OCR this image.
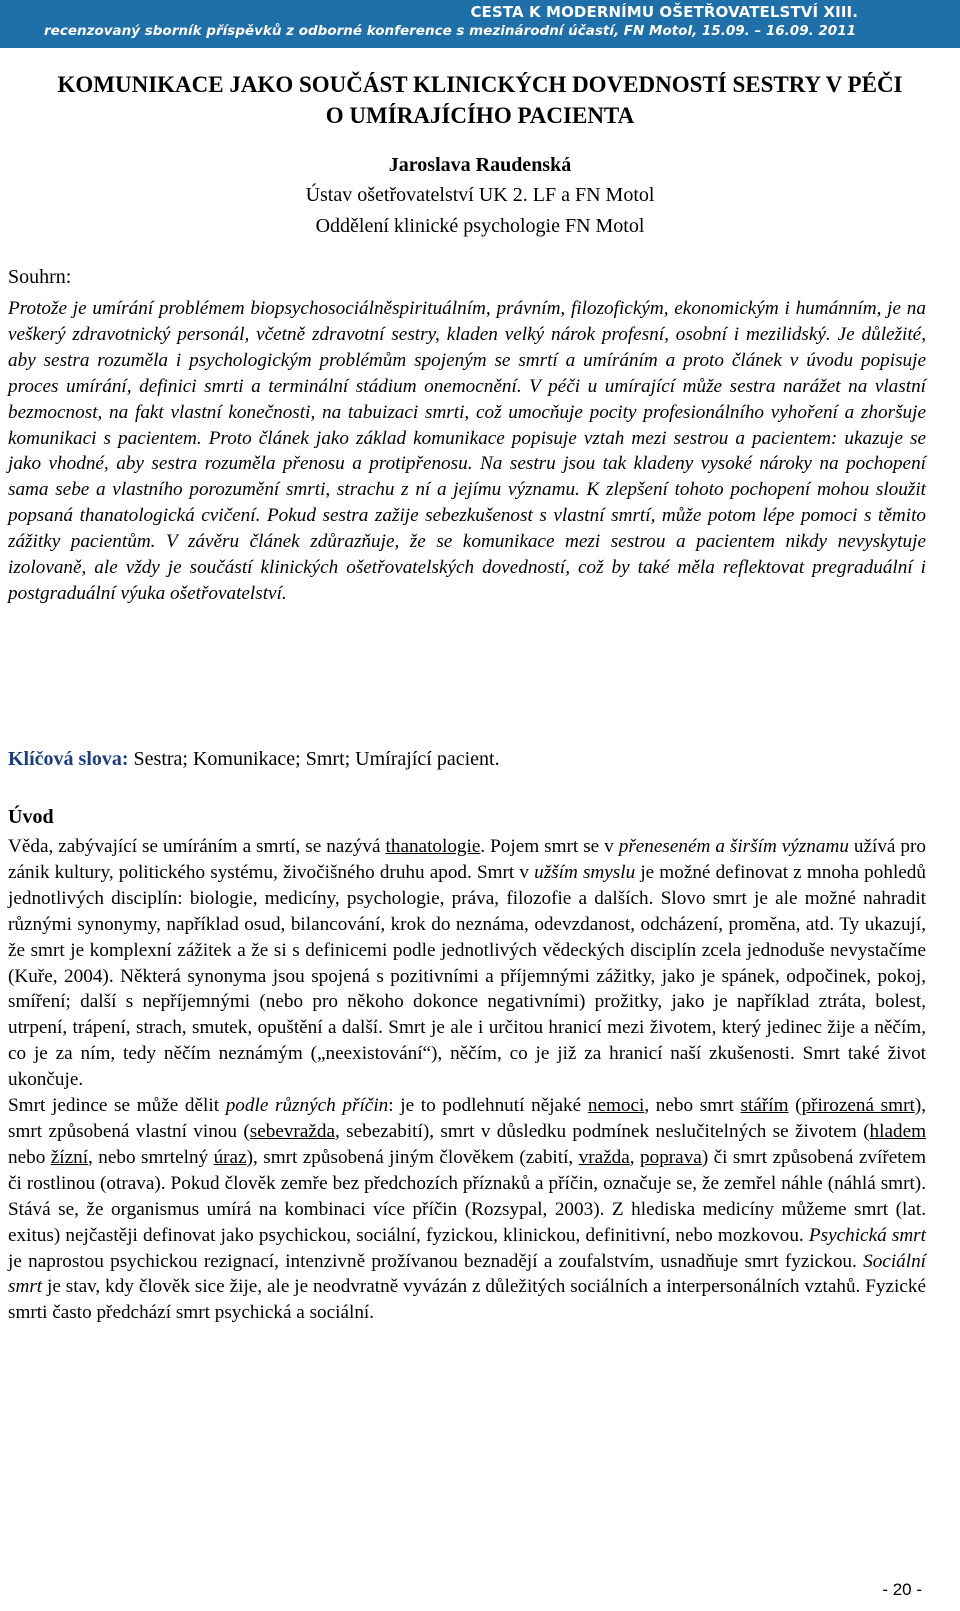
CESTA K MODERNÍMU OŠETŘOVATELSTVÍ XIII.
recenzovaný sborník příspěvků z odborné konference s mezinárodní účastí, FN Motol, 15.09. – 16.09. 2011
KOMUNIKACE JAKO SOUČÁST KLINICKÝCH DOVEDNOSTÍ SESTRY V PÉČI
O UMÍRAJÍCÍHO PACIENTA
Jaroslava Raudenská
Ústav ošetřovatelství UK 2. LF a FN Motol
Oddělení klinické psychologie FN Motol
Souhrn:
Protože je umírání problémem biopsychosociálněspirituálním, právním, filozofickým, ekonomickým i humánním, je na veškerý zdravotnický personál, včetně zdravotní sestry, kladen velký nárok profesní, osobní i mezilidský. Je důležité, aby sestra rozuměla i psychologickým problémům spojeným se smrtí a umíráním a proto článek v úvodu popisuje proces umírání, definici smrti a terminální stádium onemocnění. V péči u umírající může sestra narážet na vlastní bezmocnost, na fakt vlastní konečnosti, na tabuizaci smrti, což umocňuje pocity profesionálního vyhoření a zhoršuje komunikaci s pacientem. Proto článek jako základ komunikace popisuje vztah mezi sestrou a pacientem: ukazuje se jako vhodné, aby sestra rozuměla přenosu a protipřenosu. Na sestru jsou tak kladeny vysoké nároky na pochopení sama sebe a vlastního porozumění smrti, strachu z ní a jejímu významu. K zlepšení tohoto pochopení mohou sloužit popsaná thanatologická cvičení. Pokud sestra zažije sebezkušenost s vlastní smrtí, může potom lépe pomoci s těmito zážitky pacientům. V závěru článek zdůrazňuje, že se komunikace mezi sestrou a pacientem nikdy nevyskytuje izolovaně, ale vždy je součástí klinických ošetřovatelských dovedností, což by také měla reflektovat pregraduální i postgraduální výuka ošetřovatelství.
Klíčová slova: Sestra; Komunikace; Smrt; Umírající pacient.
Úvod

Věda, zabývající se umíráním a smrtí, se nazývá thanatologie. Pojem smrt se v přeneseném a širším významu užívá pro zánik kultury, politického systému, živočišného druhu apod. Smrt v užším smyslu je možné definovat z mnoha pohledů jednotlivých disciplín: biologie, medicíny, psychologie, práva, filozofie a dalších. Slovo smrt je ale možné nahradit různými synonymy, například osud, bilancování, krok do neznáma, odevzdanost, odcházení, proměna, atd. Ty ukazují, že smrt je komplexní zážitek a že si s definicemi podle jednotlivých vědeckých disciplín zcela jednoduše nevystačíme (Kuře, 2004). Některá synonyma jsou spojená s pozitivními a příjemnými zážitky, jako je spánek, odpočinek, pokoj, smíření; další s nepříjemnými (nebo pro někoho dokonce negativními) prožitky, jako je například ztráta, bolest, utrpení, trápení, strach, smutek, opuštění a další. Smrt je ale i určitou hranicí mezi životem, který jedinec žije a něčím, co je za ním, tedy něčím neznámým („neexistování“), něčím, co je již za hranicí naší zkušenosti. Smrt také život ukončuje.

Smrt jedince se může dělit podle různých příčin: je to podlehnutí nějaké nemoci, nebo smrt stářím (přirozená smrt), smrt způsobená vlastní vinou (sebevražda, sebezabití), smrt v důsledku podmínek neslučitelných se životem (hladem nebo žízní, nebo smrtelný úraz), smrt způsobená jiným člověkem (zabití, vražda, poprava) či smrt způsobená zvířetem či rostlinou (otrava). Pokud člověk zemře bez předchozích příznaků a příčin, označuje se, že zemřel náhle (náhlá smrt). Stává se, že organismus umírá na kombinaci více příčin (Rozsypal, 2003). Z hlediska medicíny můžeme smrt (lat. exitus) nejčastěji definovat jako psychickou, sociální, fyzickou, klinickou, definitivní, nebo mozkovou. Psychická smrt je naprostou psychickou rezignací, intenzivně prožívanou beznadějí a zoufalstvím, usnadňuje smrt fyzickou. Sociální smrt je stav, kdy člověk sice žije, ale je neodvratně vyvázán z důležitých sociálních a interpersonálních vztahů. Fyzické smrti často předchází smrt psychická a sociální.

- 20 -
